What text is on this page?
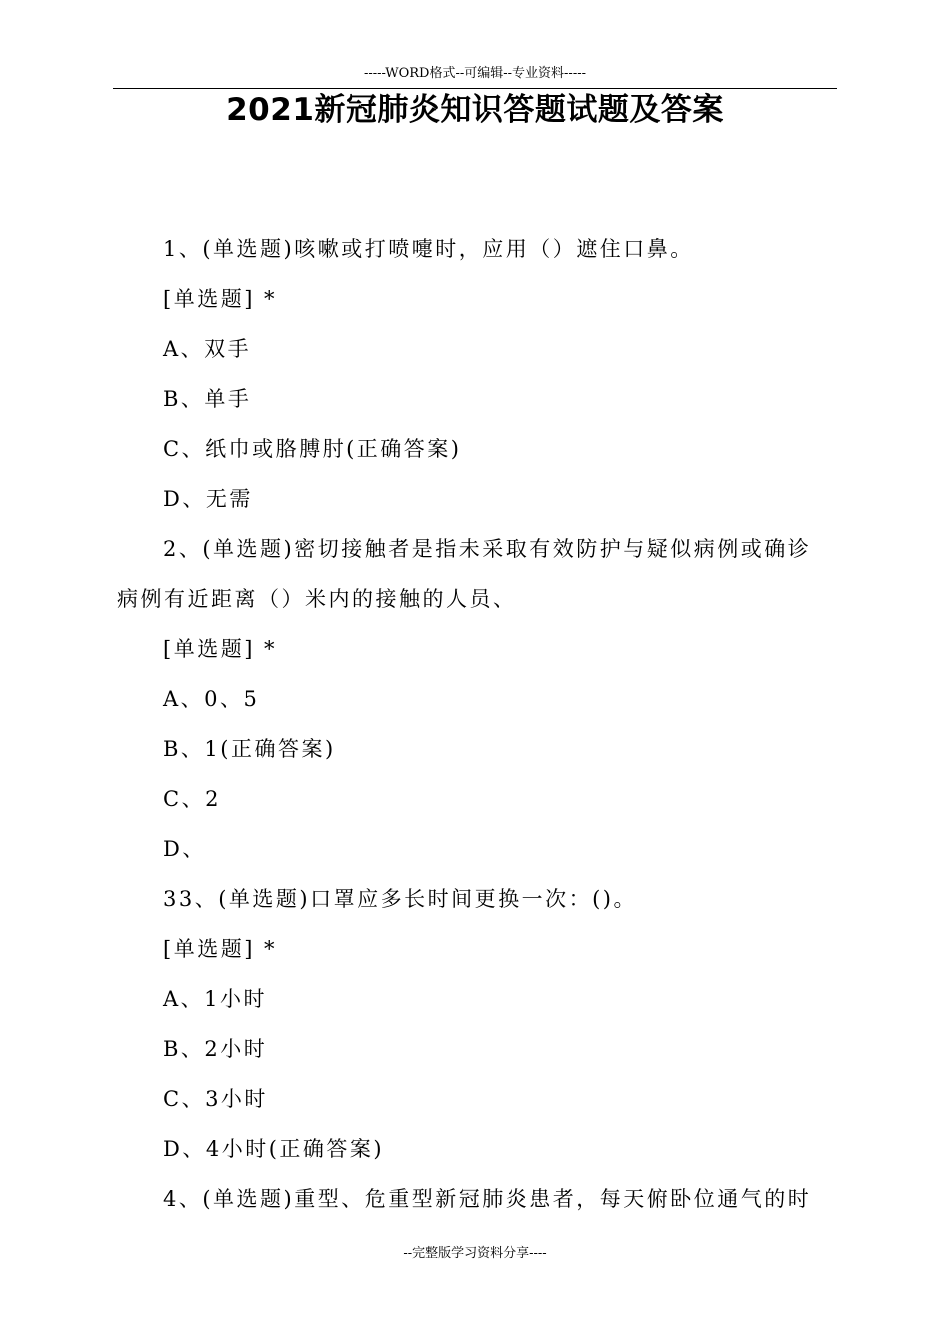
-----WORD格式--可编辑--专业资料-----
2021新冠肺炎知识答题试题及答案
1、(单选题)咳嗽或打喷嚏时，应用（）遮住口鼻。
[单选题] *
A、双手
B、单手
C、纸巾或胳膊肘(正确答案)
D、无需
2、(单选题)密切接触者是指未采取有效防护与疑似病例或确诊
病例有近距离（）米内的接触的人员、
[单选题] *
A、0、5
B、1(正确答案)
C、2
D、
33、(单选题)口罩应多长时间更换一次：()。
[单选题] *
A、1小时
B、2小时
C、3小时
D、4小时(正确答案)
4、(单选题)重型、危重型新冠肺炎患者，每天俯卧位通气的时
--完整版学习资料分享----
